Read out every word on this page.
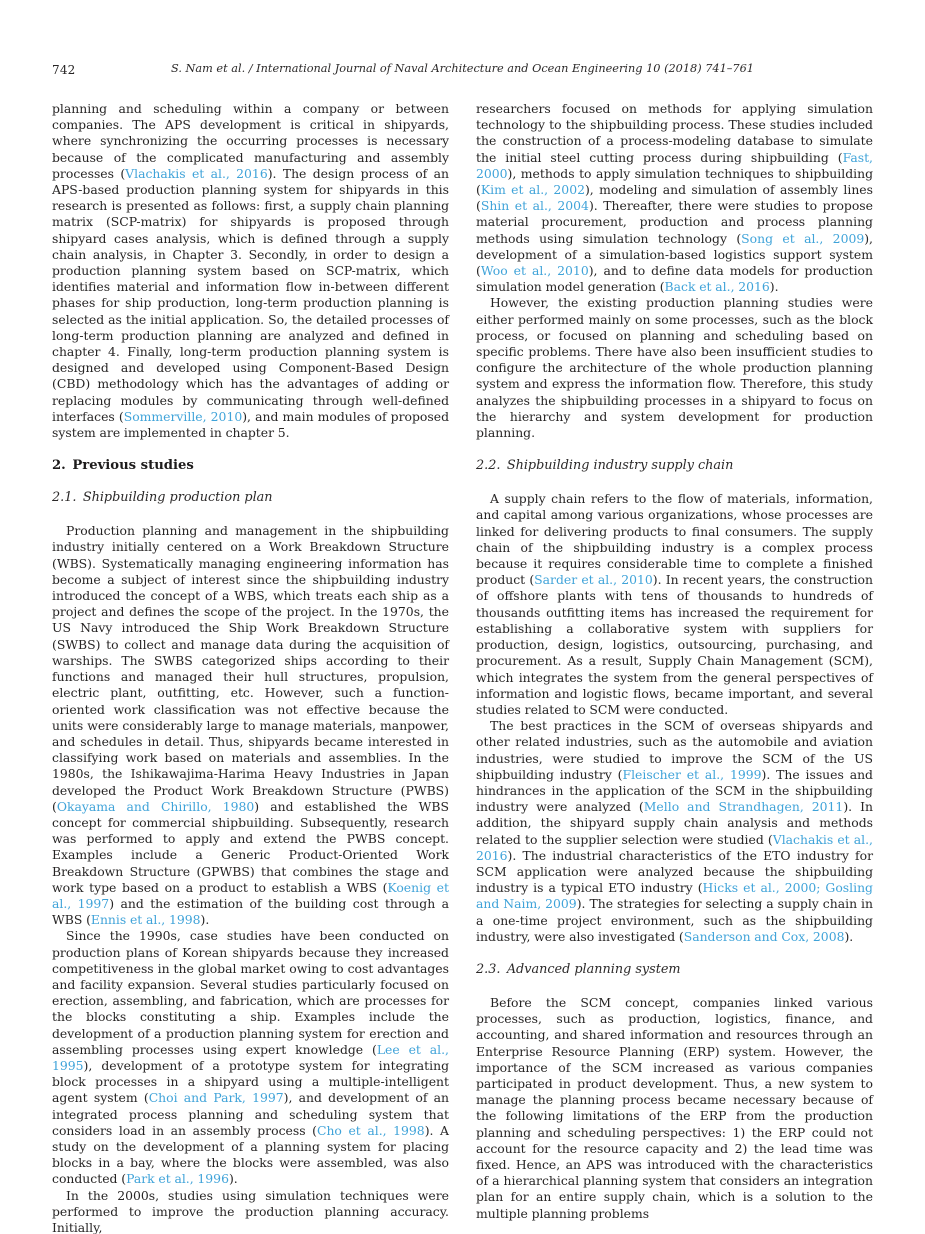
742	S. Nam et al. / International Journal of Naval Architecture and Ocean Engineering 10 (2018) 741–761

planning and scheduling within a company or between companies. The APS development is critical in shipyards, where synchronizing the occurring processes is necessary because of the complicated manufacturing and assembly processes (Vlachakis et al., 2016). The design process of an APS-based production planning system for shipyards in this research is presented as follows: first, a supply chain planning matrix (SCP-matrix) for shipyards is proposed through shipyard cases analysis, which is defined through a supply chain analysis, in Chapter 3. Secondly, in order to design a production planning system based on SCP-matrix, which identifies material and information flow in-between different phases for ship production, long-term production planning is selected as the initial application. So, the detailed processes of long-term production planning are analyzed and defined in chapter 4. Finally, long-term production planning system is designed and developed using Component-Based Design (CBD) methodology which has the advantages of adding or replacing modules by communicating through well-defined interfaces (Sommerville, 2010), and main modules of proposed system are implemented in chapter 5.

2. Previous studies
2.1. Shipbuilding production plan

Production planning and management in the shipbuilding industry initially centered on a Work Breakdown Structure (WBS). Systematically managing engineering information has become a subject of interest since the shipbuilding industry introduced the concept of a WBS, which treats each ship as a project and defines the scope of the project. In the 1970s, the US Navy introduced the Ship Work Breakdown Structure (SWBS) to collect and manage data during the acquisition of warships. The SWBS categorized ships according to their functions and managed their hull structures, propulsion, electric plant, outfitting, etc. However, such a function-oriented work classification was not effective because the units were considerably large to manage materials, manpower, and schedules in detail. Thus, shipyards became interested in classifying work based on materials and assemblies. In the 1980s, the Ishikawajima-Harima Heavy Industries in Japan developed the Product Work Breakdown Structure (PWBS) (Okayama and Chirillo, 1980) and established the WBS concept for commercial shipbuilding. Subsequently, research was performed to apply and extend the PWBS concept. Examples include a Generic Product-Oriented Work Breakdown Structure (GPWBS) that combines the stage and work type based on a product to establish a WBS (Koenig et al., 1997) and the estimation of the building cost through a WBS (Ennis et al., 1998).

Since the 1990s, case studies have been conducted on production plans of Korean shipyards because they increased competitiveness in the global market owing to cost advantages and facility expansion. Several studies particularly focused on erection, assembling, and fabrication, which are processes for the blocks constituting a ship. Examples include the development of a production planning system for erection and assembling processes using expert knowledge (Lee et al., 1995), development of a prototype system for integrating block processes in a shipyard using a multiple-intelligent agent system (Choi and Park, 1997), and development of an integrated process planning and scheduling system that considers load in an assembly process (Cho et al., 1998). A study on the development of a planning system for placing blocks in a bay, where the blocks were assembled, was also conducted (Park et al., 1996).

In the 2000s, studies using simulation techniques were performed to improve the production planning accuracy. Initially,

researchers focused on methods for applying simulation technology to the shipbuilding process. These studies included the construction of a process-modeling database to simulate the initial steel cutting process during shipbuilding (Fast, 2000), methods to apply simulation techniques to shipbuilding (Kim et al., 2002), modeling and simulation of assembly lines (Shin et al., 2004). Thereafter, there were studies to propose material procurement, production and process planning methods using simulation technology (Song et al., 2009), development of a simulation-based logistics support system (Woo et al., 2010), and to define data models for production simulation model generation (Back et al., 2016).

However, the existing production planning studies were either performed mainly on some processes, such as the block process, or focused on planning and scheduling based on specific problems. There have also been insufficient studies to configure the architecture of the whole production planning system and express the information flow. Therefore, this study analyzes the shipbuilding processes in a shipyard to focus on the hierarchy and system development for production planning.

2.2. Shipbuilding industry supply chain

A supply chain refers to the flow of materials, information, and capital among various organizations, whose processes are linked for delivering products to final consumers. The supply chain of the shipbuilding industry is a complex process because it requires considerable time to complete a finished product (Sarder et al., 2010). In recent years, the construction of offshore plants with tens of thousands to hundreds of thousands outfitting items has increased the requirement for establishing a collaborative system with suppliers for production, design, logistics, outsourcing, purchasing, and procurement. As a result, Supply Chain Management (SCM), which integrates the system from the general perspectives of information and logistic flows, became important, and several studies related to SCM were conducted.

The best practices in the SCM of overseas shipyards and other related industries, such as the automobile and aviation industries, were studied to improve the SCM of the US shipbuilding industry (Fleischer et al., 1999). The issues and hindrances in the application of the SCM in the shipbuilding industry were analyzed (Mello and Strandhagen, 2011). In addition, the shipyard supply chain analysis and methods related to the supplier selection were studied (Vlachakis et al., 2016). The industrial characteristics of the ETO industry for SCM application were analyzed because the shipbuilding industry is a typical ETO industry (Hicks et al., 2000; Gosling and Naim, 2009). The strategies for selecting a supply chain in a one-time project environment, such as the shipbuilding industry, were also investigated (Sanderson and Cox, 2008).

2.3. Advanced planning system

Before the SCM concept, companies linked various processes, such as production, logistics, finance, and accounting, and shared information and resources through an Enterprise Resource Planning (ERP) system. However, the importance of the SCM increased as various companies participated in product development. Thus, a new system to manage the planning process became necessary because of the following limitations of the ERP from the production planning and scheduling perspectives: 1) the ERP could not account for the resource capacity and 2) the lead time was fixed. Hence, an APS was introduced with the characteristics of a hierarchical planning system that considers an integration plan for an entire supply chain, which is a solution to the multiple planning problems
